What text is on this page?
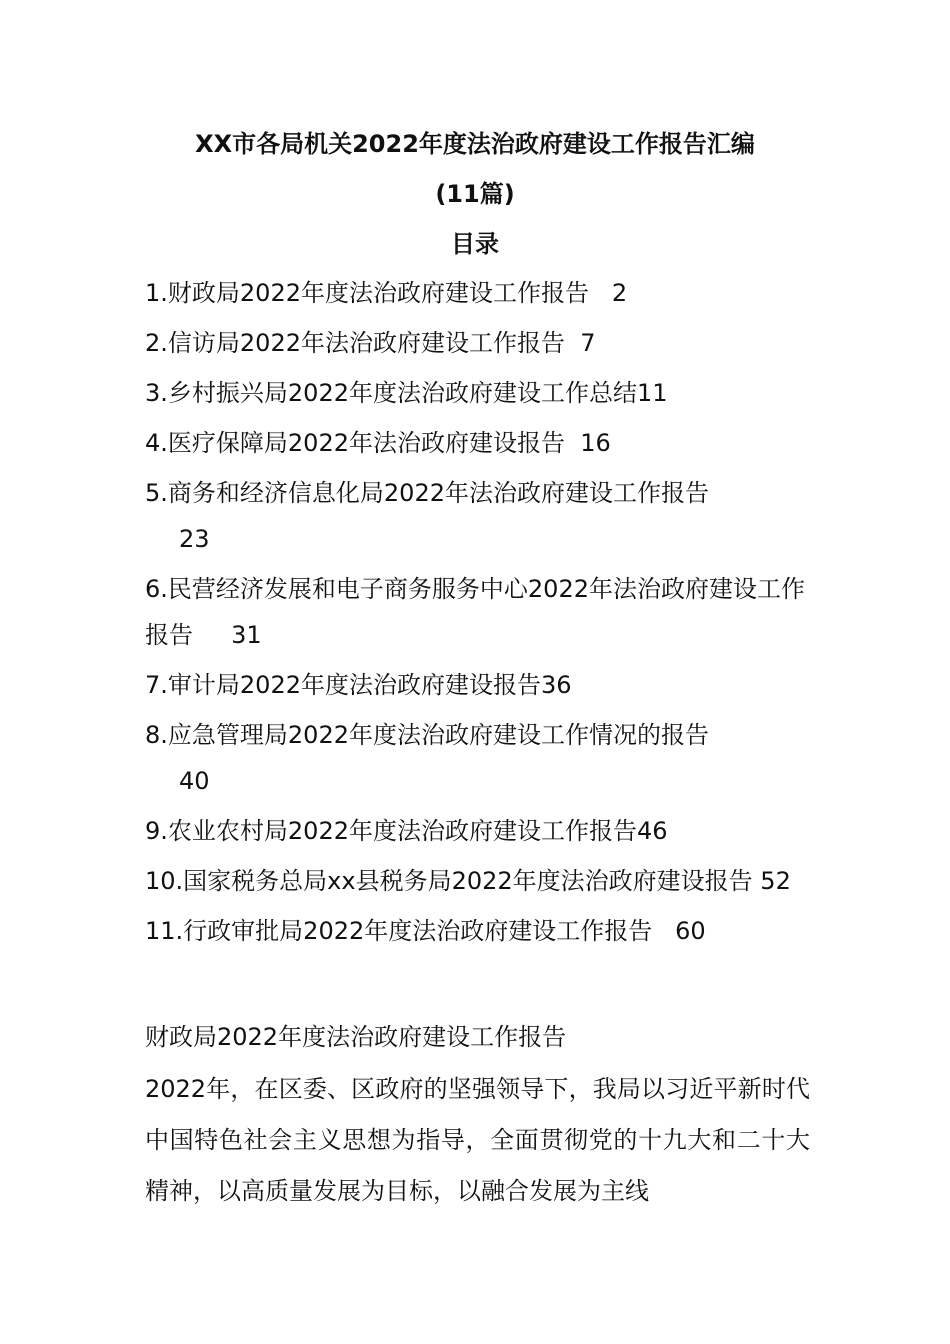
XX市各局机关2022年度法治政府建设工作报告汇编

(11篇)

目录

1.财政局2022年度法治政府建设工作报告 2

2.信访局2022年法治政府建设工作报告 7

3.乡村振兴局2022年度法治政府建设工作总结11

4.医疗保障局2022年法治政府建设报告 16

5.商务和经济信息化局2022年法治政府建设工作报告
23

6.民营经济发展和电子商务服务中心2022年法治政府建设工作报告 31

7.审计局2022年度法治政府建设报告36

8.应急管理局2022年度法治政府建设工作情况的报告
40

9.农业农村局2022年度法治政府建设工作报告46

10.国家税务总局xx县税务局2022年度法治政府建设报告 52

11.行政审批局2022年度法治政府建设工作报告 60

财政局2022年度法治政府建设工作报告

2022年，在区委、区政府的坚强领导下，我局以习近平新时代中国特色社会主义思想为指导，全面贯彻党的十九大和二十大精神，以高质量发展为目标，以融合发展为主线
